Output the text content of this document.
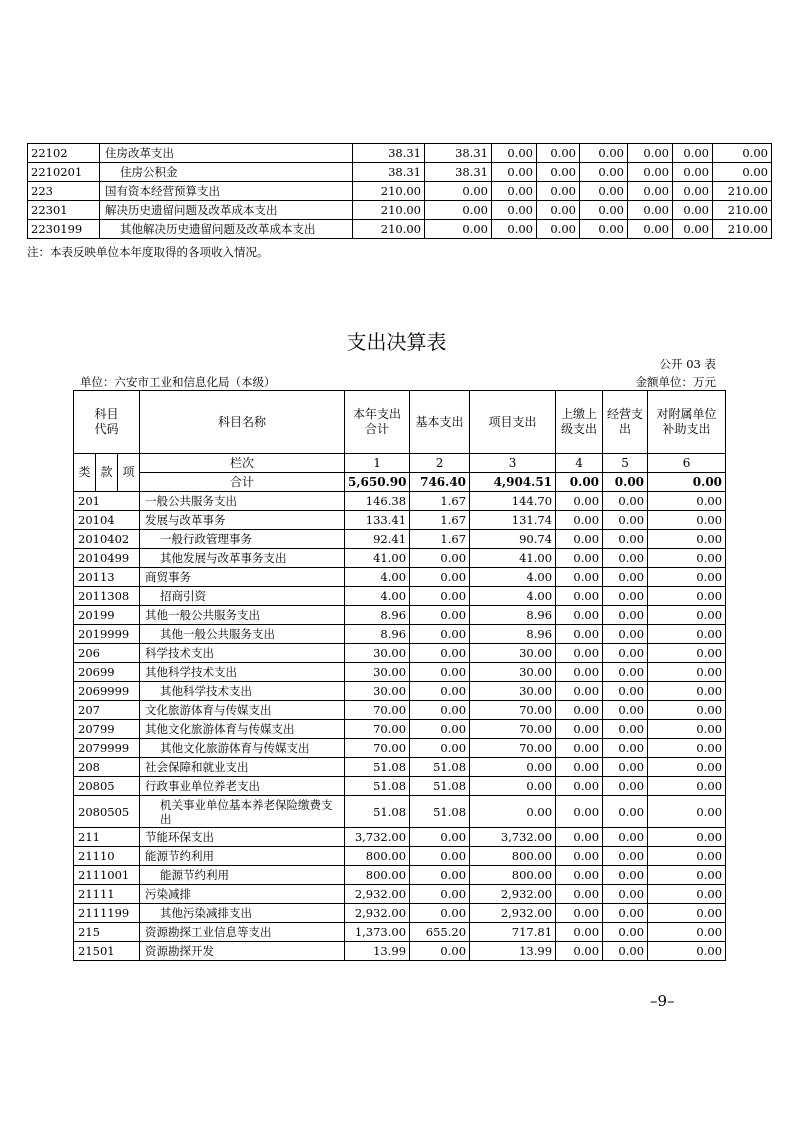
22102	住房改革支出	38.31	38.31	0.00	0.00	0.00	0.00	0.00	0.00
2210201	住房公积金	38.31	38.31	0.00	0.00	0.00	0.00	0.00	0.00
223	国有资本经营预算支出	210.00	0.00	0.00	0.00	0.00	0.00	0.00	210.00
22301	解决历史遗留问题及改革成本支出	210.00	0.00	0.00	0.00	0.00	0.00	0.00	210.00
2230199	其他解决历史遗留问题及改革成本支出	210.00	0.00	0.00	0.00	0.00	0.00	0.00	210.00
注：本表反映单位本年度取得的各项收入情况。
支出决算表
公开 03 表
单位：六安市工业和信息化局（本级）	金额单位：万元
科目代码			科目名称	本年支出合计	基本支出	项目支出	上缴上级支出	经营支出	对附属单位补助支出
类	款	项	栏次	1	2	3	4	5	6
			合计	5,650.90	746.40	4,904.51	0.00	0.00	0.00
201			一般公共服务支出	146.38	1.67	144.70	0.00	0.00	0.00
20104			发展与改革事务	133.41	1.67	131.74	0.00	0.00	0.00
2010402			一般行政管理事务	92.41	1.67	90.74	0.00	0.00	0.00
2010499			其他发展与改革事务支出	41.00	0.00	41.00	0.00	0.00	0.00
20113			商贸事务	4.00	0.00	4.00	0.00	0.00	0.00
2011308			招商引资	4.00	0.00	4.00	0.00	0.00	0.00
20199			其他一般公共服务支出	8.96	0.00	8.96	0.00	0.00	0.00
2019999			其他一般公共服务支出	8.96	0.00	8.96	0.00	0.00	0.00
206			科学技术支出	30.00	0.00	30.00	0.00	0.00	0.00
20699			其他科学技术支出	30.00	0.00	30.00	0.00	0.00	0.00
2069999			其他科学技术支出	30.00	0.00	30.00	0.00	0.00	0.00
207			文化旅游体育与传媒支出	70.00	0.00	70.00	0.00	0.00	0.00
20799			其他文化旅游体育与传媒支出	70.00	0.00	70.00	0.00	0.00	0.00
2079999			其他文化旅游体育与传媒支出	70.00	0.00	70.00	0.00	0.00	0.00
208			社会保障和就业支出	51.08	51.08	0.00	0.00	0.00	0.00
20805			行政事业单位养老支出	51.08	51.08	0.00	0.00	0.00	0.00
2080505			机关事业单位基本养老保险缴费支出	51.08	51.08	0.00	0.00	0.00	0.00
211			节能环保支出	3,732.00	0.00	3,732.00	0.00	0.00	0.00
21110			能源节约利用	800.00	0.00	800.00	0.00	0.00	0.00
2111001			能源节约利用	800.00	0.00	800.00	0.00	0.00	0.00
21111			污染减排	2,932.00	0.00	2,932.00	0.00	0.00	0.00
2111199			其他污染减排支出	2,932.00	0.00	2,932.00	0.00	0.00	0.00
215			资源勘探工业信息等支出	1,373.00	655.20	717.81	0.00	0.00	0.00
21501			资源勘探开发	13.99	0.00	13.99	0.00	0.00	0.00
–9–
